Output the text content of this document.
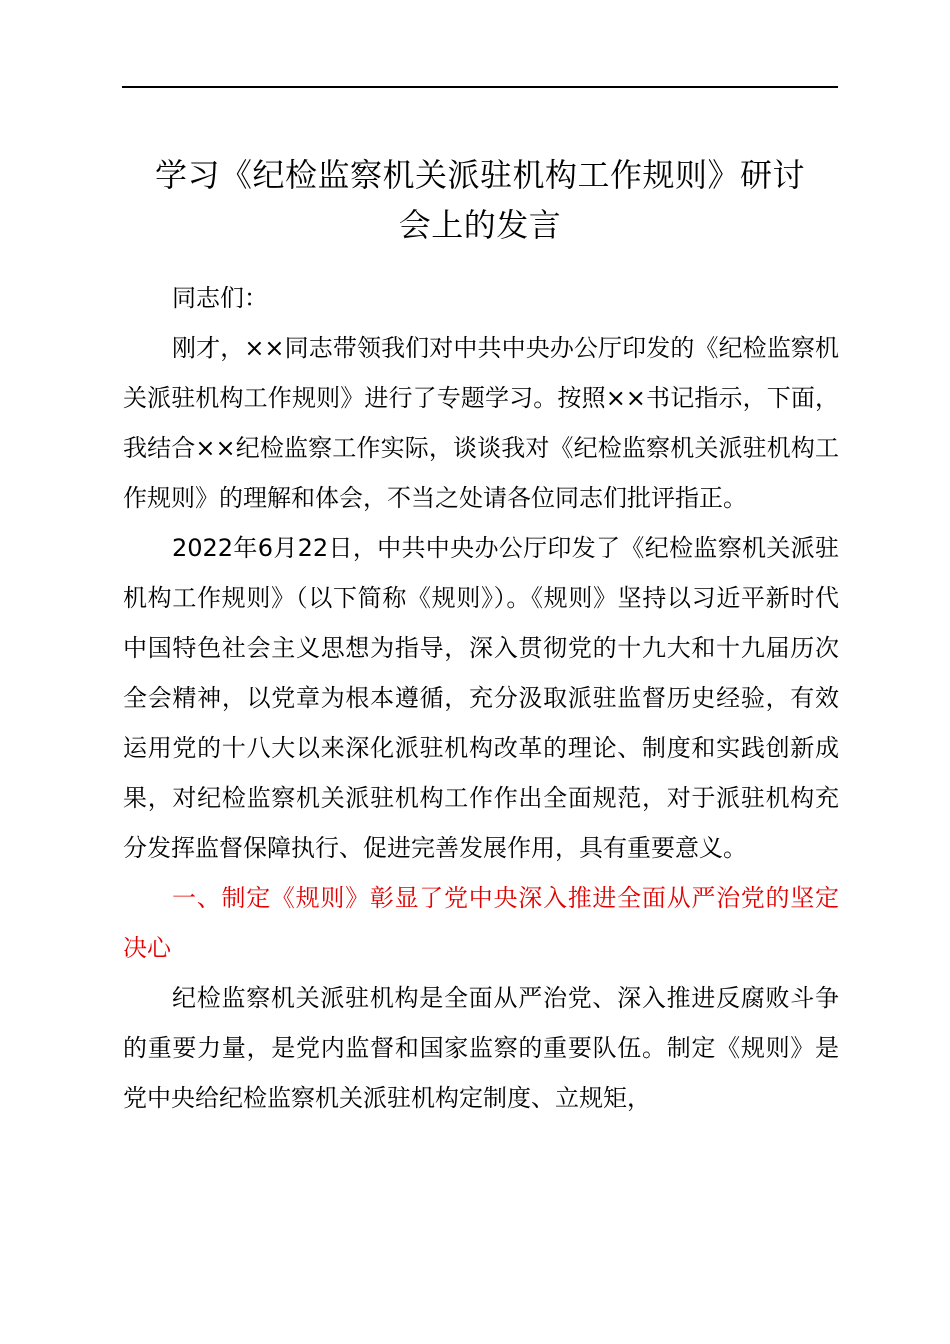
学习《纪检监察机关派驻机构工作规则》研讨
会上的发言

同志们：

刚才，××同志带领我们对中共中央办公厅印发的《纪检监察机关派驻机构工作规则》进行了专题学习。按照××书记指示，下面，我结合××纪检监察工作实际，谈谈我对《纪检监察机关派驻机构工作规则》的理解和体会，不当之处请各位同志们批评指正。

2022年6月22日，中共中央办公厅印发了《纪检监察机关派驻机构工作规则》（以下简称《规则》）。《规则》坚持以习近平新时代中国特色社会主义思想为指导，深入贯彻党的十九大和十九届历次全会精神，以党章为根本遵循，充分汲取派驻监督历史经验，有效运用党的十八大以来深化派驻机构改革的理论、制度和实践创新成果，对纪检监察机关派驻机构工作作出全面规范，对于派驻机构充分发挥监督保障执行、促进完善发展作用，具有重要意义。

一、制定《规则》彰显了党中央深入推进全面从严治党的坚定决心

纪检监察机关派驻机构是全面从严治党、深入推进反腐败斗争的重要力量，是党内监督和国家监察的重要队伍。制定《规则》是党中央给纪检监察机关派驻机构定制度、立规矩，
